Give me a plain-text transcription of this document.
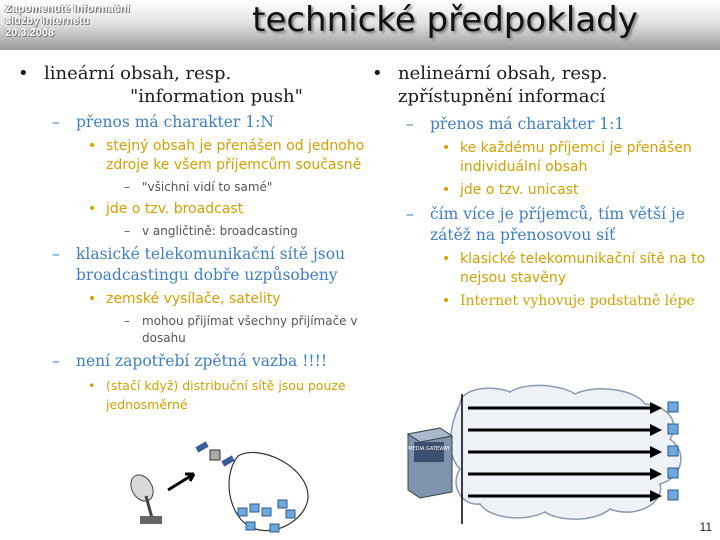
Zapomenuté informační
služby Internetu
20.3.2008	technické předpoklady
• lineární obsah, resp.
"information push"
– přenos má charakter 1:N
• stejný obsah je přenášen od jednoho zdroje ke všem příjemcům současně
– "všichni vidí to samé"
• jde o tzv. broadcast
– v angličtině: broadcasting
– klasické telekomunikační sítě jsou broadcastingu dobře uzpůsobeny
• zemské vysílače, satelity
– mohou přijímat všechny přijímače v dosahu
– není zapotřebí zpětná vazba !!!!
• (stačí když) distribuční sítě jsou pouze jednosměrné
• nelineární obsah, resp. zpřístupnění informací
– přenos má charakter 1:1
• ke každému příjemci je přenášen individuální obsah
• jde o tzv. unicast
– čím více je příjemců, tím větší je zátěž na přenosovou síť
• klasické telekomunikační sítě na to nejsou stavěny
• Internet vyhovuje podstatně lépe
MEDIA GATEWAY
11
